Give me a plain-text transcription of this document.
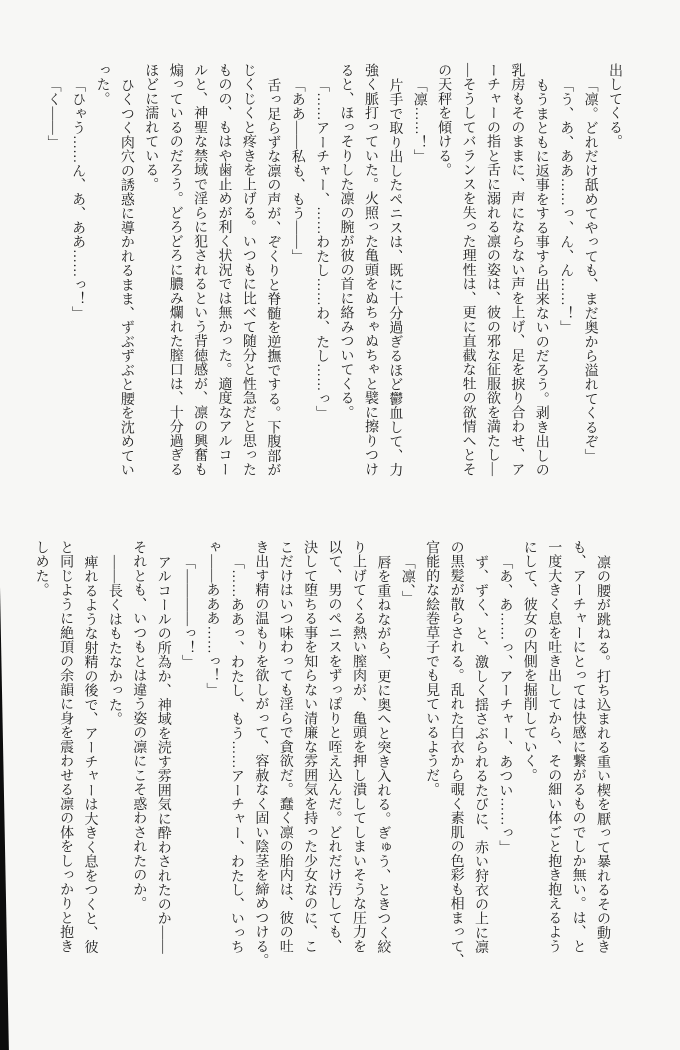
出してくる。

「凛。どれだけ舐めてやっても、まだ奥から溢れてくるぞ」

「う、あ、ああ……っ、ん、ん……！」

もうまともに返事をする事すら出来ないのだろう。剥き出しの

乳房もそのままに、声にならない声を上げ、足を捩り合わせ、ア

ーチャーの指と舌に溺れる凛の姿は、彼の邪な征服欲を満たし―

―そうしてバランスを失った理性は、更に直截な牡の欲情へとそ

の天秤を傾ける。

「凛……！」

片手で取り出したペニスは、既に十分過ぎるほど鬱血して、力

強く脈打っていた。火照った亀頭をぬちゃぬちゃと襞に擦りつけ

ると、ほっそりした凛の腕が彼の首に絡みついてくる。

「……アーチャー、……わたし……わ、たし……っ」

「ああ――私も、もう――」

舌っ足らずな凛の声が、ぞくりと脊髄を逆撫でする。下腹部が

じくじくと疼きを上げる。いつもに比べて随分と性急だと思った

ものの、もはや歯止めが利く状況では無かった。適度なアルコー

ルと、神聖な禁域で淫らに犯されるという背徳感が、凛の興奮も

煽っているのだろう。どろどろに膿み爛れた膣口は、十分過ぎる

ほどに濡れている。

ひくつく肉穴の誘惑に導かれるまま、ずぶずぶと腰を沈めてい

った。

「ひゃう……ん、あ、ああ……っ！」

「く――」

凛の腰が跳ねる。打ち込まれる重い楔を厭って暴れるその動き

も、アーチャーにとっては快感に繋がるものでしか無い。は、と

一度大きく息を吐き出してから、その細い体ごと抱き抱えるよう

にして、彼女の内側を掘削していく。

「あ、あ……っ、アーチャー、あつい……っ」

ず、ずく、と、激しく揺さぶられるたびに、赤い狩衣の上に凛

の黒髪が散らされる。乱れた白衣から覗く素肌の色彩も相まって、

官能的な絵巻草子でも見ているようだ。

「凛、」

唇を重ねながら、更に奥へと突き入れる。ぎゅう、ときつく絞

り上げてくる熱い膣肉が、亀頭を押し潰してしまいそうな圧力を

以て、男のペニスをずっぽりと咥え込んだ。どれだけ汚しても、

決して堕ちる事を知らない清廉な雰囲気を持った少女なのに、こ

こだけはいつ味わっても淫らで貪欲だ。蠢く凛の胎内は、彼の吐

き出す精の温もりを欲しがって、容赦なく固い陰茎を締めつける。

「……ああっ、わたし、もう……アーチャー、わたし、いっち

ゃ――あああ……っ！」

「――――っ！」

アルコールの所為か、神域を涜す雰囲気に酔わされたのか――

それとも、いつもとは違う姿の凛にこそ惑わされたのか。

――長くはもたなかった。

痺れるような射精の後で、アーチャーは大きく息をつくと、彼

と同じように絶頂の余韻に身を震わせる凛の体をしっかりと抱き

しめた。
